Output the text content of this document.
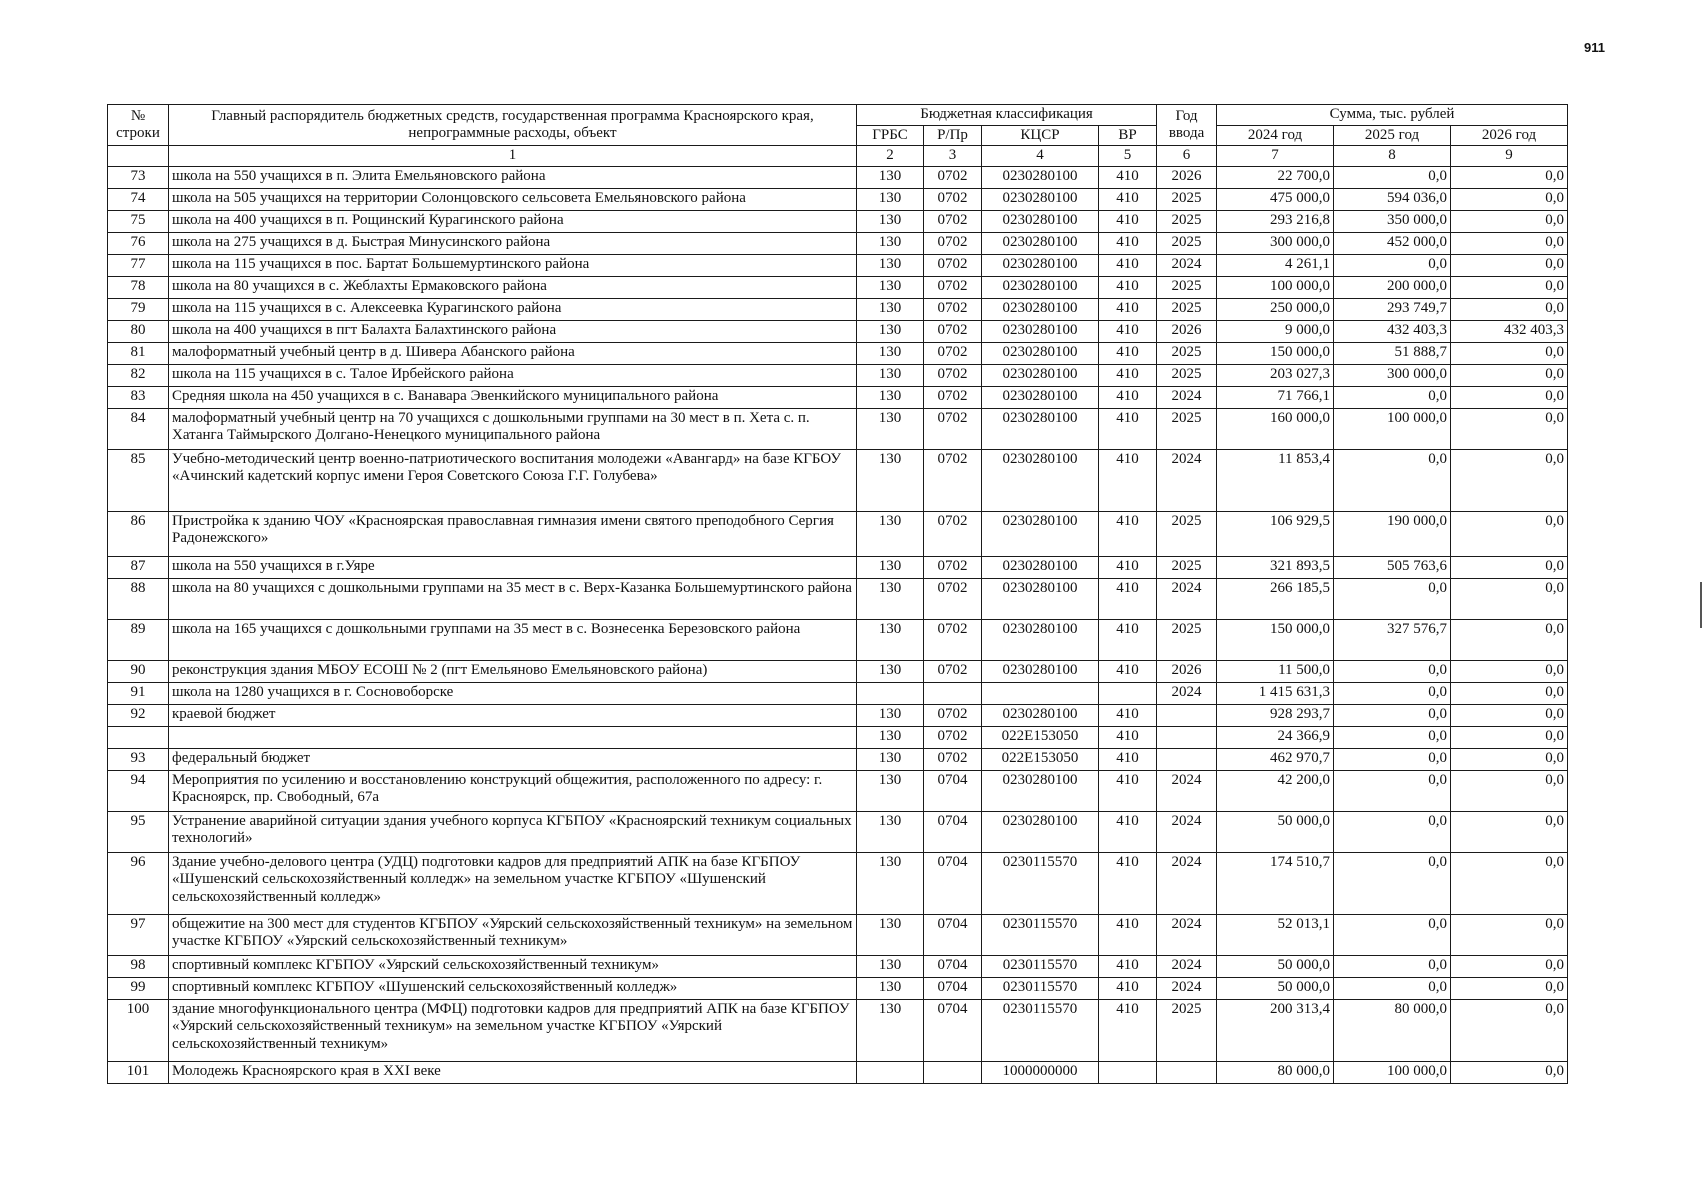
911
№ строки	Главный распорядитель бюджетных средств, государственная программа Красноярского края, непрограммные расходы, объект	Бюджетная классификация				Год ввода	Сумма, тыс. рублей		
		ГРБС	Р/Пр	КЦСР	ВР		2024 год	2025 год	2026 год
	1	2	3	4	5	6	7	8	9
73	школа на 550 учащихся в п. Элита Емельяновского района	130	0702	0230280100	410	2026	22 700,0	0,0	0,0
74	школа на 505 учащихся на территории Солонцовского сельсовета Емельяновского района	130	0702	0230280100	410	2025	475 000,0	594 036,0	0,0
75	школа на 400 учащихся в п. Рощинский Курагинского района	130	0702	0230280100	410	2025	293 216,8	350 000,0	0,0
76	школа на 275 учащихся в д. Быстрая Минусинского района	130	0702	0230280100	410	2025	300 000,0	452 000,0	0,0
77	школа на 115 учащихся в пос. Бартат Большемуртинского района	130	0702	0230280100	410	2024	4 261,1	0,0	0,0
78	школа на 80 учащихся в с. Жеблахты Ермаковского района	130	0702	0230280100	410	2025	100 000,0	200 000,0	0,0
79	школа на 115 учащихся в с. Алексеевка Курагинского района	130	0702	0230280100	410	2025	250 000,0	293 749,7	0,0
80	школа на 400 учащихся в пгт Балахта Балахтинского района	130	0702	0230280100	410	2026	9 000,0	432 403,3	432 403,3
81	малоформатный учебный центр в д. Шивера Абанского района	130	0702	0230280100	410	2025	150 000,0	51 888,7	0,0
82	школа на 115 учащихся в с. Талое Ирбейского района	130	0702	0230280100	410	2025	203 027,3	300 000,0	0,0
83	Средняя школа на 450 учащихся в с. Ванавара Эвенкийского муниципального района	130	0702	0230280100	410	2024	71 766,1	0,0	0,0
84	малоформатный учебный центр на 70 учащихся с дошкольными группами на 30 мест в п. Хета с. п. Хатанга Таймырского Долгано-Ненецкого муниципального района	130	0702	0230280100	410	2025	160 000,0	100 000,0	0,0
85	Учебно-методический центр военно-патриотического воспитания молодежи «Авангард» на базе КГБОУ «Ачинский кадетский корпус имени Героя Советского Союза Г.Г. Голубева»	130	0702	0230280100	410	2024	11 853,4	0,0	0,0
86	Пристройка к зданию ЧОУ «Красноярская православная гимназия имени святого преподобного Сергия Радонежского»	130	0702	0230280100	410	2025	106 929,5	190 000,0	0,0
87	школа на 550 учащихся в г.Уяре	130	0702	0230280100	410	2025	321 893,5	505 763,6	0,0
88	школа на 80 учащихся с дошкольными группами на 35 мест в с. Верх-Казанка Большемуртинского района	130	0702	0230280100	410	2024	266 185,5	0,0	0,0
89	школа на 165 учащихся с дошкольными группами на 35 мест в с. Вознесенка Березовского района	130	0702	0230280100	410	2025	150 000,0	327 576,7	0,0
90	реконструкция здания МБОУ ЕСОШ № 2 (пгт Емельяново Емельяновского района)	130	0702	0230280100	410	2026	11 500,0	0,0	0,0
91	школа на 1280 учащихся в г. Сосновоборске					2024	1 415 631,3	0,0	0,0
92	краевой бюджет	130	0702	0230280100	410		928 293,7	0,0	0,0
		130	0702	022E153050	410		24 366,9	0,0	0,0
93	федеральный бюджет	130	0702	022E153050	410		462 970,7	0,0	0,0
94	Мероприятия по усилению и восстановлению конструкций общежития, расположенного по адресу: г. Красноярск, пр. Свободный, 67а	130	0704	0230280100	410	2024	42 200,0	0,0	0,0
95	Устранение аварийной ситуации здания учебного корпуса КГБПОУ «Красноярский техникум социальных технологий»	130	0704	0230280100	410	2024	50 000,0	0,0	0,0
96	Здание учебно-делового центра (УДЦ) подготовки кадров для предприятий АПК на базе КГБПОУ «Шушенский сельскохозяйственный колледж» на земельном участке КГБПОУ «Шушенский сельскохозяйственный колледж»	130	0704	0230115570	410	2024	174 510,7	0,0	0,0
97	общежитие на 300 мест для студентов КГБПОУ «Уярский сельскохозяйственный техникум» на земельном участке КГБПОУ «Уярский сельскохозяйственный техникум»	130	0704	0230115570	410	2024	52 013,1	0,0	0,0
98	спортивный комплекс КГБПОУ «Уярский сельскохозяйственный техникум»	130	0704	0230115570	410	2024	50 000,0	0,0	0,0
99	спортивный комплекс КГБПОУ «Шушенский сельскохозяйственный колледж»	130	0704	0230115570	410	2024	50 000,0	0,0	0,0
100	здание многофункционального центра (МФЦ) подготовки кадров для предприятий АПК на базе КГБПОУ «Уярский сельскохозяйственный техникум» на земельном участке КГБПОУ «Уярский сельскохозяйственный техникум»	130	0704	0230115570	410	2025	200 313,4	80 000,0	0,0
101	Молодежь Красноярского края в XXI веке			1000000000			80 000,0	100 000,0	0,0
